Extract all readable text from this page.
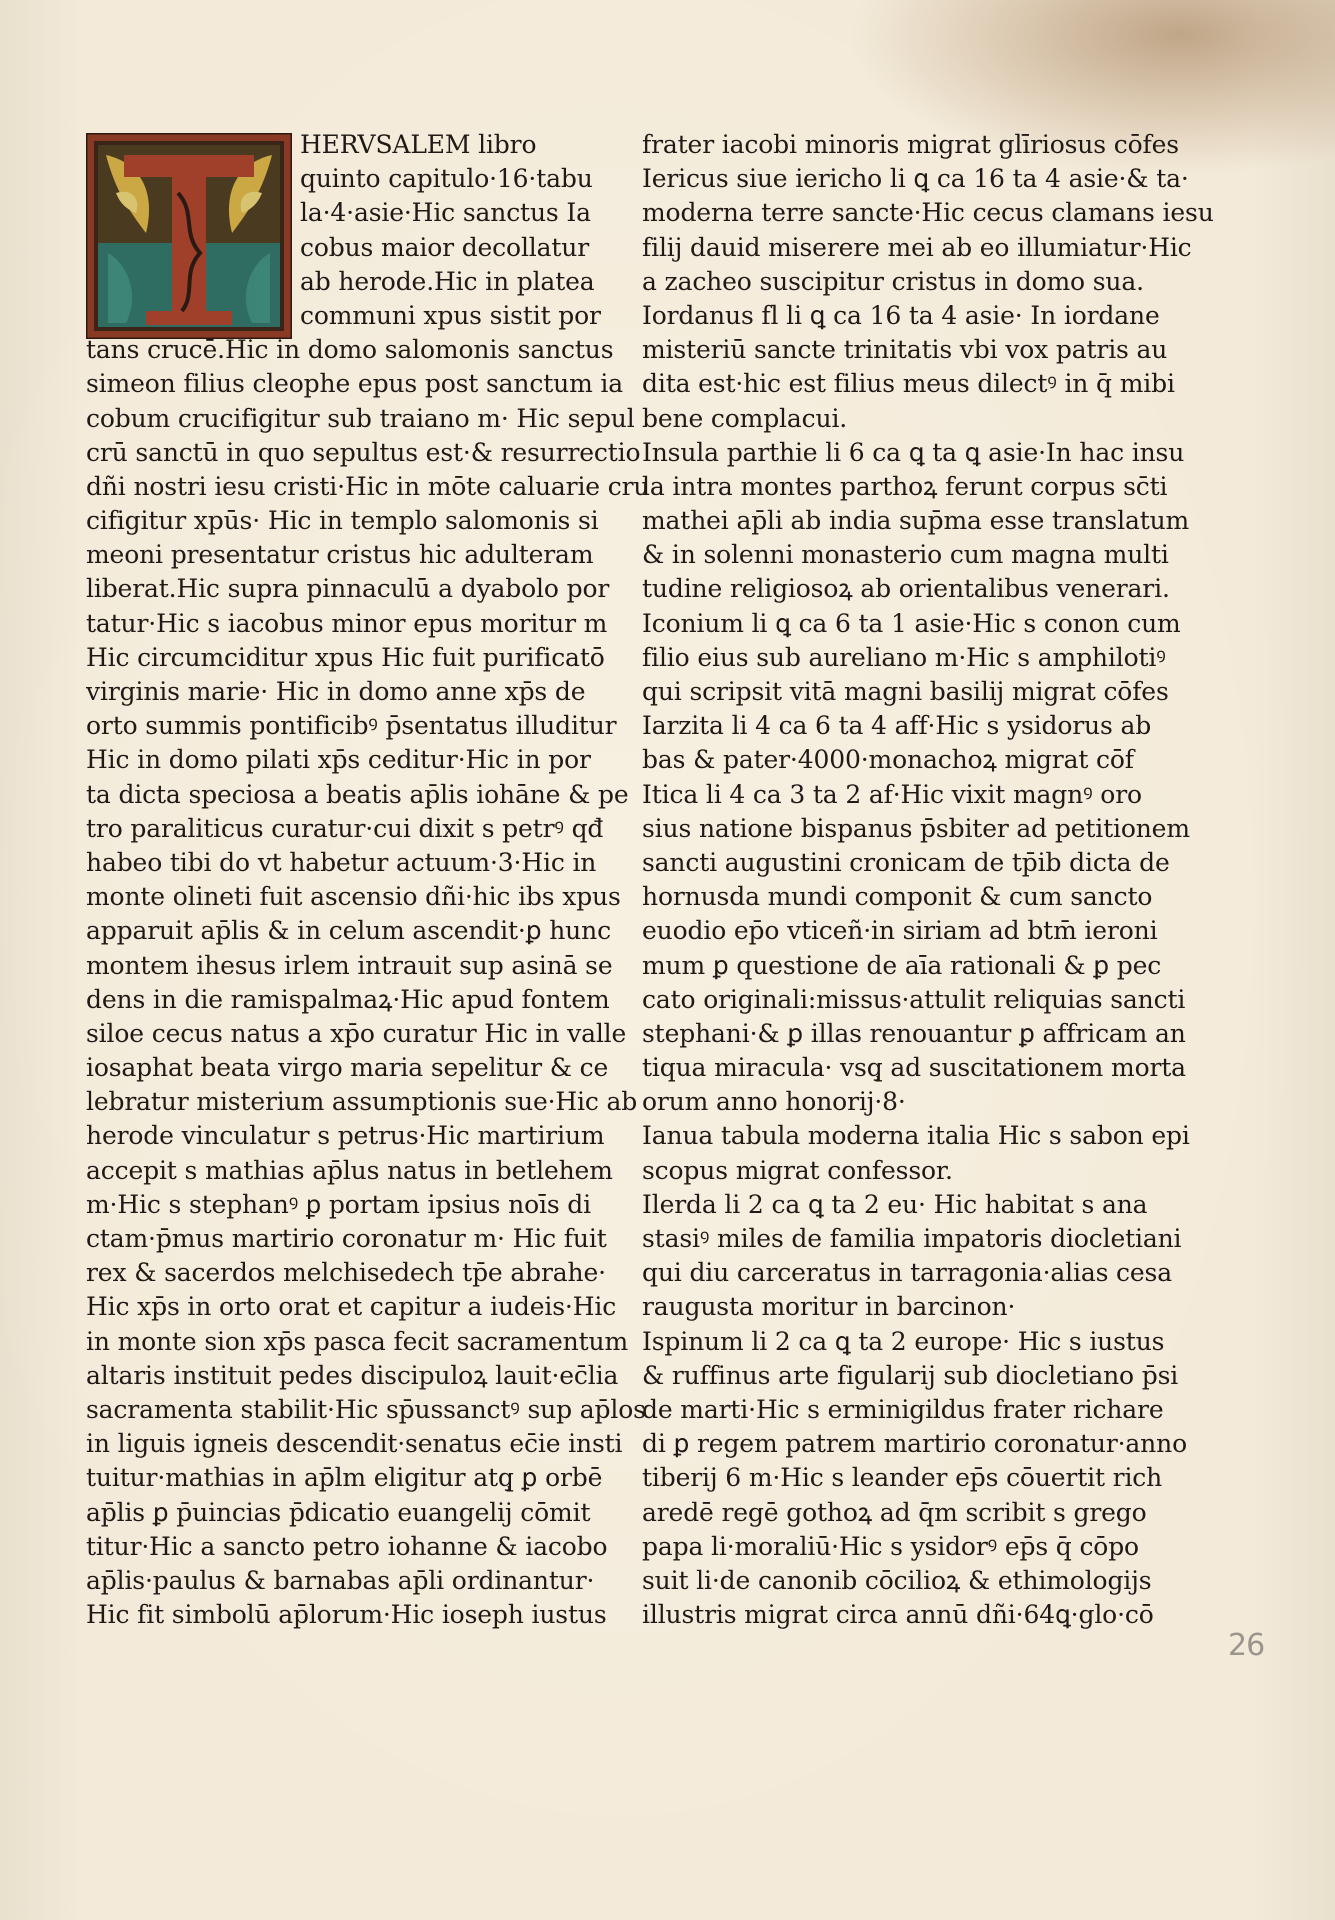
HERVSALEM libro
quinto capitulo·16·tabu
la·4·asie·Hic sanctus Ia
cobus maior decollatur
ab herode.Hic in platea
communi xpus sistit por
tans crucē.Hic in domo salomonis sanctus
simeon filius cleophe epus post sanctum ia
cobum crucifigitur sub traiano m· Hic sepul
crū sanctū in quo sepultus est·& resurrectio
dñi nostri iesu cristi·Hic in mōte caluarie cru
cifigitur xpūs· Hic in templo salomonis si
meoni presentatur cristus hic adulteram
liberat.Hic supra pinnaculū a dyabolo por
tatur·Hic s iacobus minor epus moritur m
Hic circumciditur xpus Hic fuit purificatō
virginis marie· Hic in domo anne xp̄s de
orto summis pontificibꝰ p̄sentatus illuditur
Hic in domo pilati xp̄s ceditur·Hic in por
ta dicta speciosa a beatis ap̄lis iohāne & pe
tro paraliticus curatur·cui dixit s petrꝰ qđ
habeo tibi do vt habetur actuum·3·Hic in
monte olineti fuit ascensio dñi·hic ibs xpus
apparuit ap̄lis & in celum ascendit·ꝑ hunc
montem ihesus irlem intrauit sup asinā se
dens in die ramispalmaꝝ·Hic apud fontem
siloe cecus natus a xp̄o curatur Hic in valle
iosaphat beata virgo maria sepelitur & ce
lebratur misterium assumptionis sue·Hic ab
herode vinculatur s petrus·Hic martirium
accepit s mathias ap̄lus natus in betlehem
m·Hic s stephanꝰ ꝑ portam ipsius noīs di
ctam·p̄mus martirio coronatur m· Hic fuit
rex & sacerdos melchisedech tp̄e abrahe·
Hic xp̄s in orto orat et capitur a iudeis·Hic
in monte sion xp̄s pasca fecit sacramentum
altaris instituit pedes discipuloꝝ lauit·ec̄lia
sacramenta stabilit·Hic sp̄ussanctꝰ sup ap̄los
in liguis igneis descendit·senatus ec̄ie insti
tuitur·mathias in ap̄lm eligitur atq̧ ꝑ orbē
ap̄lis ꝑ p̄uincias p̄dicatio euangelij cōmit
titur·Hic a sancto petro iohanne & iacobo
ap̄lis·paulus & barnabas ap̄li ordinantur·
Hic fit simbolū ap̄lorum·Hic ioseph iustus
frater iacobi minoris migrat glīriosus cōfes
Iericus siue iericho li ꝗ ca 16 ta 4 asie·& ta·
moderna terre sancte·Hic cecus clamans iesu
filij dauid miserere mei ab eo illumiatur·Hic
a zacheo suscipitur cristus in domo sua.
Iordanus fl li ꝗ ca 16 ta 4 asie· In iordane
misteriū sancte trinitatis vbi vox patris au
dita est·hic est filius meus dilectꝰ in q̄ mibi
bene complacui.
Insula parthie li 6 ca ꝗ ta ꝗ asie·In hac insu
la intra montes parthoꝝ ferunt corpus sc̄ti
mathei ap̄li ab india sup̄ma esse translatum
& in solenni monasterio cum magna multi
tudine religiosoꝝ ab orientalibus venerari.
Iconium li ꝗ ca 6 ta 1 asie·Hic s conon cum
filio eius sub aureliano m·Hic s amphilotiꝰ
qui scripsit vitā magni basilij migrat cōfes
Iarzita li 4 ca 6 ta 4 aff·Hic s ysidorus ab
bas & pater·4000·monachoꝝ migrat cōf
Itica li 4 ca 3 ta 2 af·Hic vixit magnꝰ oro
sius natione bispanus p̄sbiter ad petitionem
sancti augustini cronicam de tp̄ib dicta de
hornusda mundi componit & cum sancto
euodio ep̄o vticeñ·in siriam ad btm̄ ieroni
mum ꝑ questione de aīa rationali & ꝑ pec
cato originali:missus·attulit reliquias sancti
stephani·& ꝑ illas renouantur ꝑ affricam an
tiqua miracula· vsq̧ ad suscitationem morta
orum anno honorij·8·
Ianua tabula moderna italia Hic s sabon epi
scopus migrat confessor.
Ilerda li 2 ca ꝗ ta 2 eu· Hic habitat s ana
stasiꝰ miles de familia impatoris diocletiani
qui diu carceratus in tarragonia·alias cesa
raugusta moritur in barcinon·
Ispinum li 2 ca ꝗ ta 2 europe· Hic s iustus
& ruffinus arte figularij sub diocletiano p̄si
de marti·Hic s erminigildus frater richare
di ꝑ regem patrem martirio coronatur·anno
tiberij 6 m·Hic s leander ep̄s cōuertit rich
aredē regē gothoꝝ ad q̄m scribit s grego
papa li·moraliū·Hic s ysidorꝰ ep̄s q̄ cōpo
suit li·de canonib cōcilioꝝ & ethimologijs
illustris migrat circa annū dñi·64ꝗ·glo·cō
26
